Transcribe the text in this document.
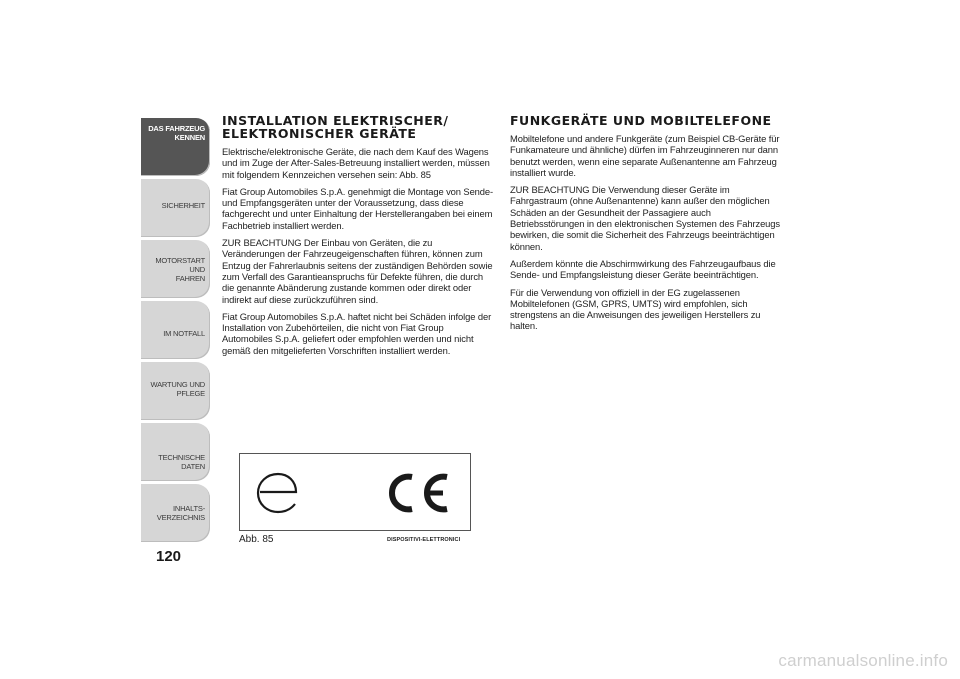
DAS FAHRZEUG
KENNEN
SICHERHEIT
MOTORSTART UND
FAHREN
IM NOTFALL
WARTUNG UND
PFLEGE
TECHNISCHE DATEN
INHALTS-
VERZEICHNIS
120
INSTALLATION ELEKTRISCHER/
ELEKTRONISCHER GERÄTE

Elektrische/elektronische Geräte, die nach dem Kauf des Wagens und im Zuge der After-Sales-Betreuung installiert werden, müssen mit folgendem Kennzeichen versehen sein: Abb. 85

Fiat Group Automobiles S.p.A. genehmigt die Montage von Sende- und Empfangsgeräten unter der Voraussetzung, dass diese fachgerecht und unter Einhaltung der Herstellerangaben bei einem Fachbetrieb installiert werden.

ZUR BEACHTUNG Der Einbau von Geräten, die zu Veränderungen der Fahrzeugeigenschaften führen, können zum Entzug der Fahrerlaubnis seitens der zuständigen Behörden sowie zum Verfall des Garantieanspruchs für Defekte führen, die durch die genannte Abänderung zustande kommen oder direkt oder indirekt auf diese zurückzuführen sind.

Fiat Group Automobiles S.p.A. haftet nicht bei Schäden infolge der Installation von Zubehörteilen, die nicht von Fiat Group Automobiles S.p.A. geliefert oder empfohlen werden und nicht gemäß den mitgelieferten Vorschriften installiert werden.

FUNKGERÄTE UND MOBILTELEFONE

Mobiltelefone und andere Funkgeräte (zum Beispiel CB-Geräte für Funkamateure und ähnliche) dürfen im Fahrzeuginneren nur dann benutzt werden, wenn eine separate Außenantenne am Fahrzeug installiert wurde.

ZUR BEACHTUNG Die Verwendung dieser Geräte im Fahrgastraum (ohne Außenantenne) kann außer den möglichen Schäden an der Gesundheit der Passagiere auch Betriebsstörungen in den elektronischen Systemen des Fahrzeugs bewirken, die somit die Sicherheit des Fahrzeugs beeinträchtigen können.

Außerdem könnte die Abschirmwirkung des Fahrzeugaufbaus die Sende- und Empfangsleistung dieser Geräte beeinträchtigen.

Für die Verwendung von offiziell in der EG zugelassenen Mobiltelefonen (GSM, GPRS, UMTS) wird empfohlen, sich strengstens an die Anweisungen des jeweiligen Herstellers zu halten.

Abb. 85	DISPOSITIVI-ELETTRONICI
carmanualsonline.info
